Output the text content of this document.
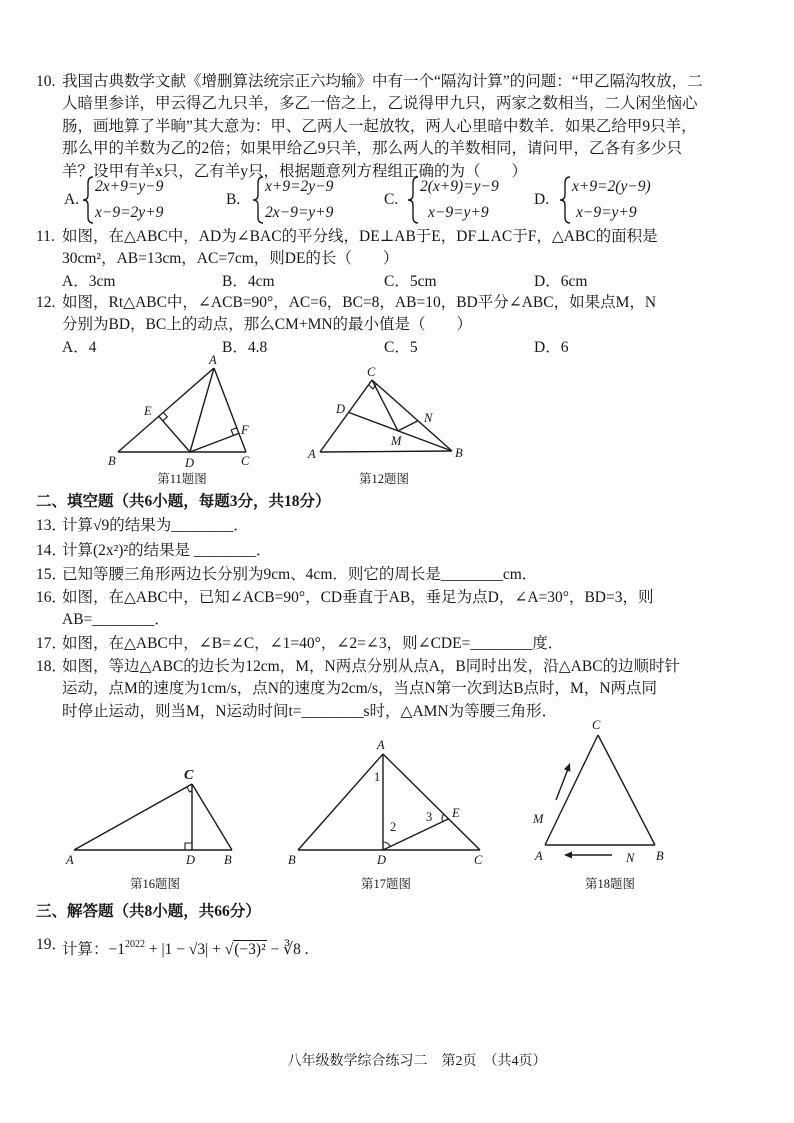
A
E
F
B	D	C
第11题图
C
D
N
M
A	B
第12题图
C
A	D B
第16题图
A
E
B	D	C
1
2
3
第17题图
C
M
A	N B
第18题图
10. 我国古典数学文献《增删算法统宗正六均输》中有一个“隔沟计算”的问题：“甲乙隔沟牧放，二
人暗里参详，甲云得乙九只羊，多乙一倍之上，乙说得甲九只，两家之数相当，二人闲坐恼心
肠，画地算了半晌”其大意为：甲、乙两人一起放牧，两人心里暗中数羊．如果乙给甲9只羊，
那么甲的羊数为乙的2倍；如果甲给乙9只羊，那么两人的羊数相同，请问甲，乙各有多少只
羊？设甲有羊x只，乙有羊y只，根据题意列方程组正确的为（　　）
A.
2x+9=y−9
x−9=2y+9
B.
x+9=2y−9
2x−9=y+9
C.
2(x+9)=y−9
x−9=y+9
D.
x+9=2(y−9)
x−9=y+9
11. 如图，在△ABC中，AD为∠BAC的平分线，DE⊥AB于E，DF⊥AC于F，△ABC的面积是
30cm²，AB=13cm，AC=7cm，则DE的长（　　）
A．3cm	B．4cm	C．5cm	D．6cm
12. 如图，Rt△ABC中，∠ACB=90°，AC=6，BC=8，AB=10，BD平分∠ABC，如果点M，N
分别为BD，BC上的动点，那么CM+MN的最小值是（　　）
A．4	B．4.8	C．5	D．6
二、填空题（共6小题，每题3分，共18分）
13．
计算√9的结果为________．
14．
计算(2x²)²的结果是 ________．
15．
已知等腰三角形两边长分别为9cm、4cm．则它的周长是________cm．
16．
如图，在△ABC中，已知∠ACB=90°，CD垂直于AB，垂足为点D，∠A=30°，BD=3，则
AB=________．
17．
如图，在△ABC中，∠B=∠C，∠1=40°，∠2=∠3，则∠CDE=________度．
18．
如图，等边△ABC的边长为12cm，M，N两点分别从点A，B同时出发，沿△ABC的边顺时针
运动，点M的速度为1cm/s，点N的速度为2cm/s，当点N第一次到达B点时，M，N两点同
时停止运动，则当M，N运动时间t=________s时，△AMN为等腰三角形．
三、解答题（共8小题，共66分）
19．
计算：$-1^{2022} + |1 - √3| + √(-3)^2$ − ∛8 .
八年级数学综合练习二　第2页　（共4页）
